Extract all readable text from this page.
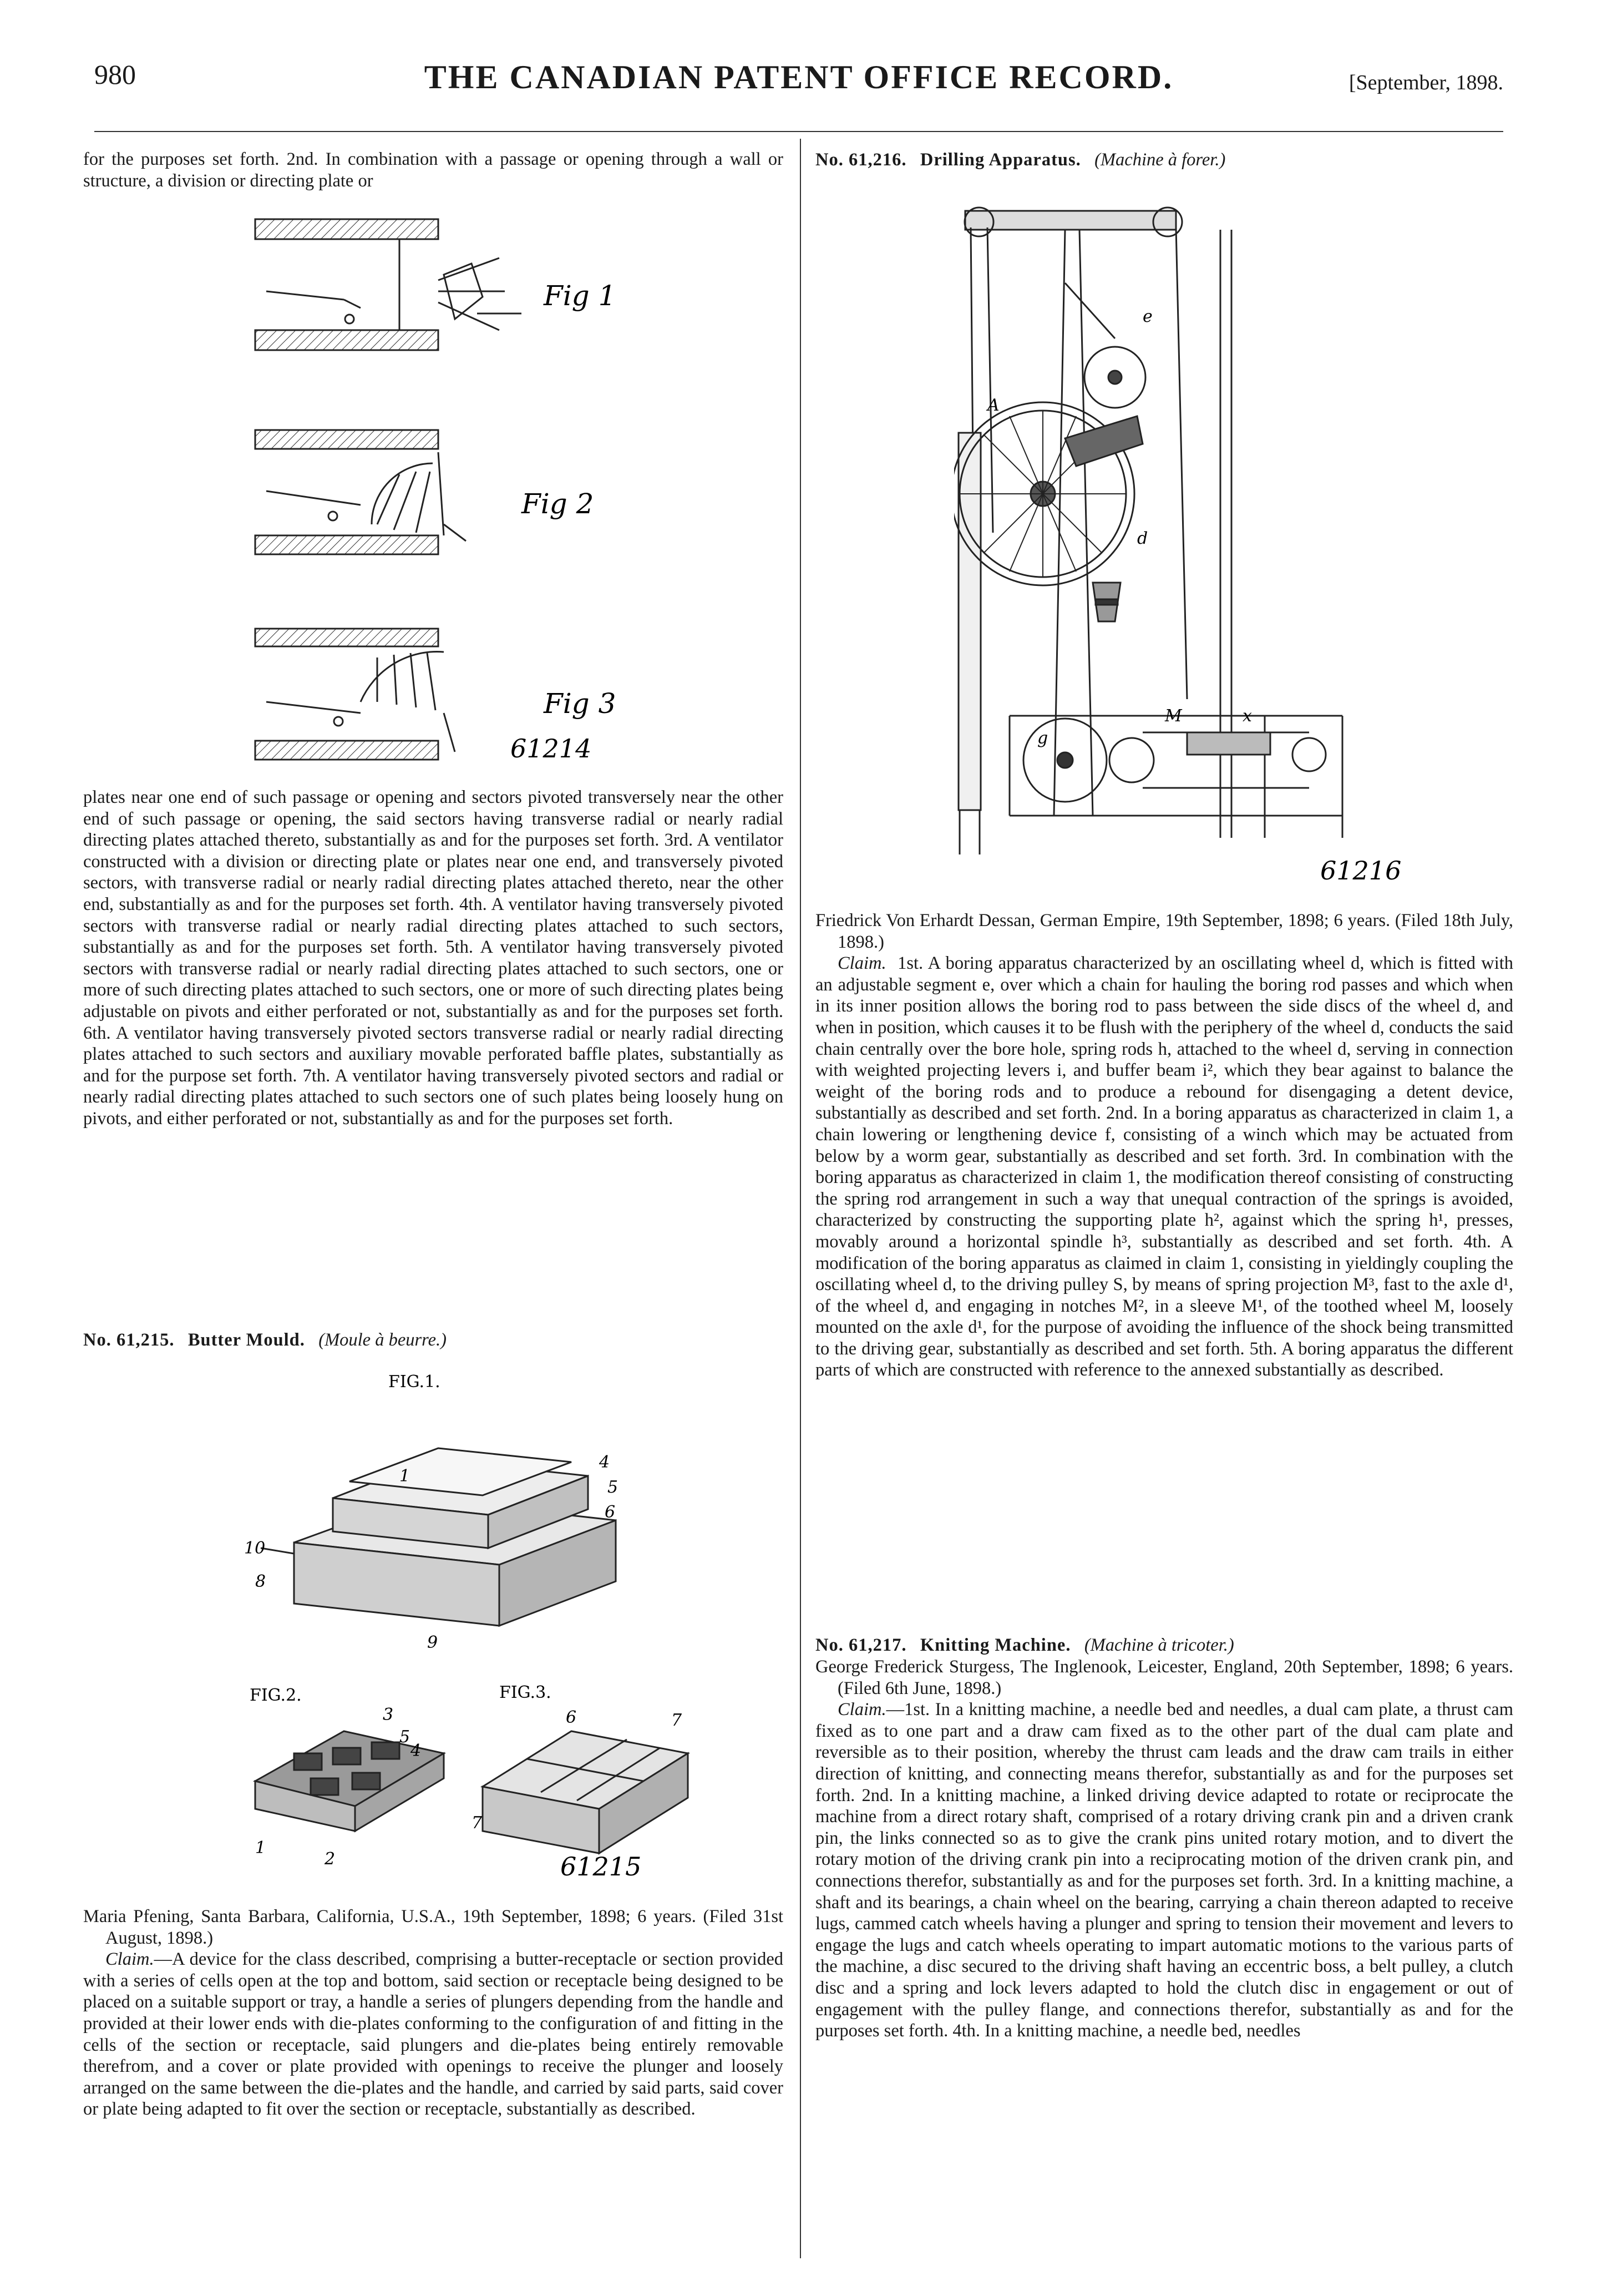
980	THE CANADIAN PATENT OFFICE RECORD.	[September, 1898.

for the purposes set forth. 2nd. In combination with a passage or opening through a wall or structure, a division or directing plate or

Fig 1
Fig 2
Fig 3
61214

plates near one end of such passage or opening and sectors pivoted transversely near the other end of such passage or opening, the said sectors having transverse radial or nearly radial directing plates attached thereto, substantially as and for the purposes set forth. 3rd. A ventilator constructed with a division or directing plate or plates near one end, and transversely pivoted sectors, with transverse radial or nearly radial directing plates attached thereto, near the other end, substantially as and for the purposes set forth. 4th. A ventilator having transversely pivoted sectors with transverse radial or nearly radial directing plates attached to such sectors, substantially as and for the purposes set forth. 5th. A ventilator having transversely pivoted sectors with transverse radial or nearly radial directing plates attached to such sectors, one or more of such directing plates attached to such sectors, one or more of such directing plates being adjustable on pivots and either perforated or not, substantially as and for the purposes set forth. 6th. A ventilator having transversely pivoted sectors transverse radial or nearly radial directing plates attached to such sectors and auxiliary movable perforated baffle plates, substantially as and for the purpose set forth. 7th. A ventilator having transversely pivoted sectors and radial or nearly radial directing plates attached to such sectors one of such plates being loosely hung on pivots, and either perforated or not, substantially as and for the purposes set forth.

No. 61,215. Butter Mould. (Moule à beurre.)

FIG.1.
1
4
5
6
10
8
9
FIG.2.	FIG.3.
3
5
4
1
2
6	7
7
61215

Maria Pfening, Santa Barbara, California, U.S.A., 19th September, 1898; 6 years. (Filed 31st August, 1898.)

Claim.—A device for the class described, comprising a butter-receptacle or section provided with a series of cells open at the top and bottom, said section or receptacle being designed to be placed on a suitable support or tray, a handle a series of plungers depending from the handle and provided at their lower ends with die-plates conforming to the configuration of and fitting in the cells of the section or receptacle, said plungers and die-plates being entirely removable therefrom, and a cover or plate provided with openings to receive the plunger and loosely arranged on the same between the die-plates and the handle, and carried by said parts, said cover or plate being adapted to fit over the section or receptacle, substantially as described.

No. 61,216. Drilling Apparatus. (Machine à forer.)

A
e
d
g
M	x
61216

Friedrick Von Erhardt Dessan, German Empire, 19th September, 1898; 6 years. (Filed 18th July, 1898.)

Claim. 1st. A boring apparatus characterized by an oscillating wheel d, which is fitted with an adjustable segment e, over which a chain for hauling the boring rod passes and which when in its inner position allows the boring rod to pass between the side discs of the wheel d, and when in position, which causes it to be flush with the periphery of the wheel d, conducts the said chain centrally over the bore hole, spring rods h, attached to the wheel d, serving in connection with weighted projecting levers i, and buffer beam i², which they bear against to balance the weight of the boring rods and to produce a rebound for disengaging a detent device, substantially as described and set forth. 2nd. In a boring apparatus as characterized in claim 1, a chain lowering or lengthening device f, consisting of a winch which may be actuated from below by a worm gear, substantially as described and set forth. 3rd. In combination with the boring apparatus as characterized in claim 1, the modification thereof consisting of constructing the spring rod arrangement in such a way that unequal contraction of the springs is avoided, characterized by constructing the supporting plate h², against which the spring h¹, presses, movably around a horizontal spindle h³, substantially as described and set forth. 4th. A modification of the boring apparatus as claimed in claim 1, consisting in yieldingly coupling the oscillating wheel d, to the driving pulley S, by means of spring projection M³, fast to the axle d¹, of the wheel d, and engaging in notches M², in a sleeve M¹, of the toothed wheel M, loosely mounted on the axle d¹, for the purpose of avoiding the influence of the shock being transmitted to the driving gear, substantially as described and set forth. 5th. A boring apparatus the different parts of which are constructed with reference to the annexed substantially as described.

No. 61,217. Knitting Machine. (Machine à tricoter.)

George Frederick Sturgess, The Inglenook, Leicester, England, 20th September, 1898; 6 years. (Filed 6th June, 1898.)

Claim.—1st. In a knitting machine, a needle bed and needles, a dual cam plate, a thrust cam fixed as to one part and a draw cam fixed as to the other part of the dual cam plate and reversible as to their position, whereby the thrust cam leads and the draw cam trails in either direction of knitting, and connecting means therefor, substantially as and for the purposes set forth. 2nd. In a knitting machine, a linked driving device adapted to rotate or reciprocate the machine from a direct rotary shaft, comprised of a rotary driving crank pin and a driven crank pin, the links connected so as to give the crank pins united rotary motion, and to divert the rotary motion of the driving crank pin into a reciprocating motion of the driven crank pin, and connections therefor, substantially as and for the purposes set forth. 3rd. In a knitting machine, a shaft and its bearings, a chain wheel on the bearing, carrying a chain thereon adapted to receive lugs, cammed catch wheels having a plunger and spring to tension their movement and levers to engage the lugs and catch wheels operating to impart automatic motions to the various parts of the machine, a disc secured to the driving shaft having an eccentric boss, a belt pulley, a clutch disc and a spring and lock levers adapted to hold the clutch disc in engagement or out of engagement with the pulley flange, and connections therefor, substantially as and for the purposes set forth. 4th. In a knitting machine, a needle bed, needles
